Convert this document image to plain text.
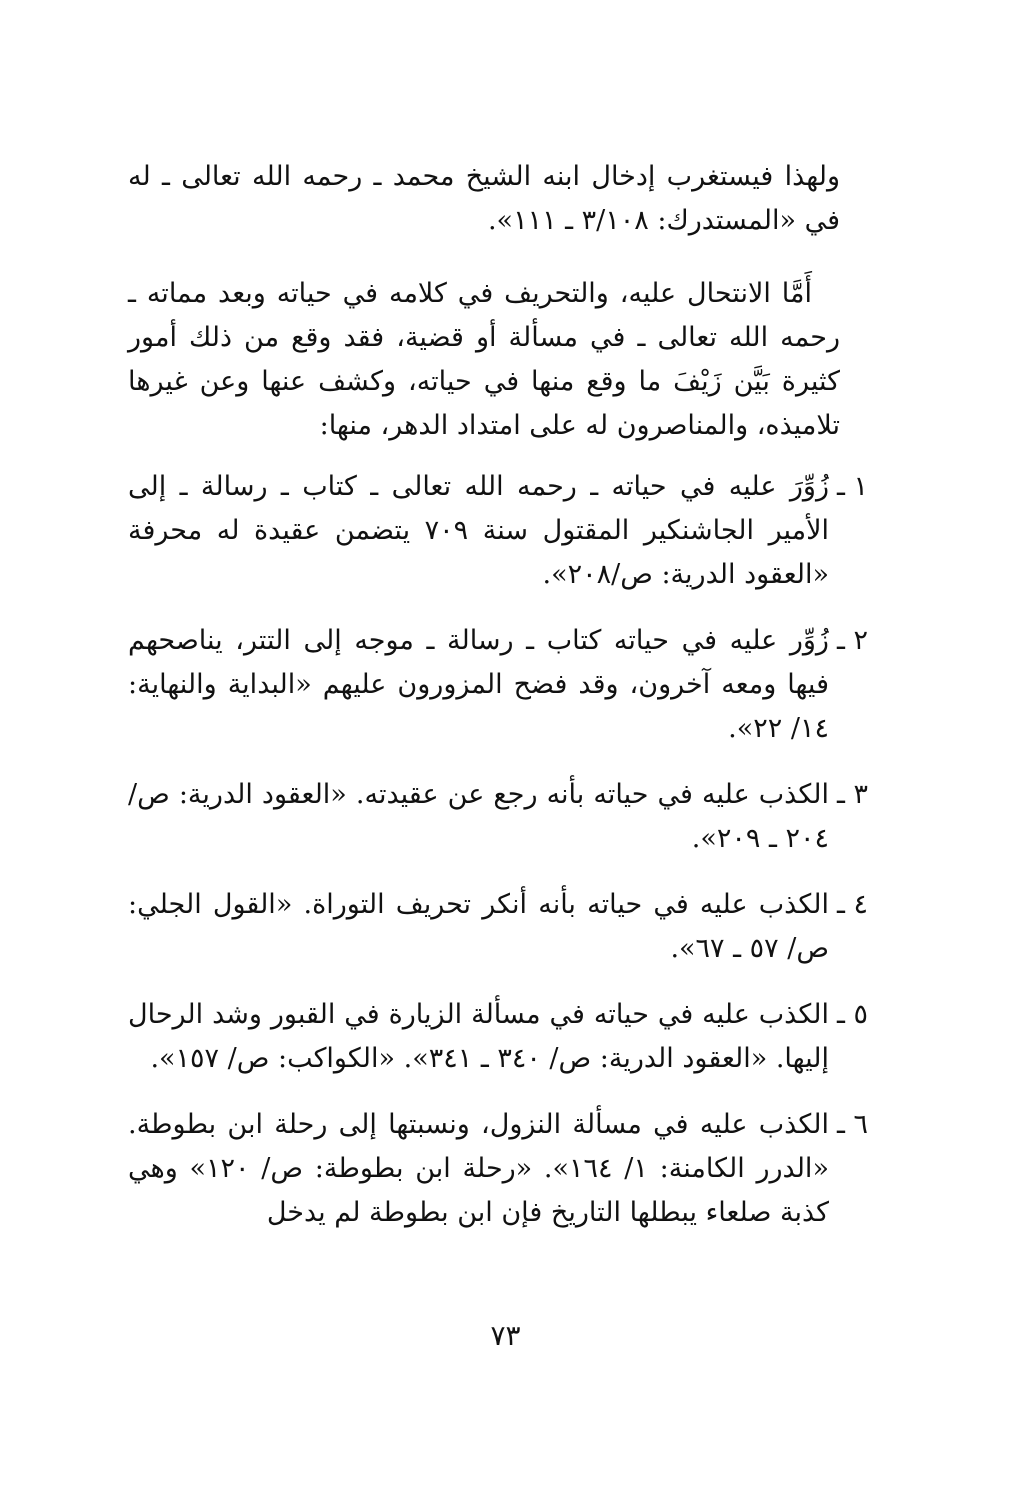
ولهذا فيستغرب إدخال ابنه الشيخ محمد ـ رحمه الله تعالى ـ له في «المستدرك: ٣/١٠٨ ـ ١١١».

أَمَّا الانتحال عليه، والتحريف في كلامه في حياته وبعد مماته ـ رحمه الله تعالى ـ في مسألة أو قضية، فقد وقع من ذلك أمور كثيرة بَيَّن زَيْفَ ما وقع منها في حياته، وكشف عنها وعن غيرها تلاميذه، والمناصرون له على امتداد الدهر، منها:

١ ـ
زُوِّرَ عليه في حياته ـ رحمه الله تعالى ـ كتاب ـ رسالة ـ إلى الأمير الجاشنكير المقتول سنة ٧٠٩ يتضمن عقيدة له محرفة «العقود الدرية: ص/٢٠٨».
٢ ـ
زُوِّر عليه في حياته كتاب ـ رسالة ـ موجه إلى التتر، يناصحهم فيها ومعه آخرون، وقد فضح المزورون عليهم «البداية والنهاية: ١٤/ ٢٢».
٣ ـ
الكذب عليه في حياته بأنه رجع عن عقيدته. «العقود الدرية: ص/ ٢٠٤ ـ ٢٠٩».
٤ ـ
الكذب عليه في حياته بأنه أنكر تحريف التوراة. «القول الجلي: ص/ ٥٧ ـ ٦٧».
٥ ـ
الكذب عليه في حياته في مسألة الزيارة في القبور وشد الرحال إليها. «العقود الدرية: ص/ ٣٤٠ ـ ٣٤١». «الكواكب: ص/ ١٥٧».
٦ ـ
الكذب عليه في مسألة النزول، ونسبتها إلى رحلة ابن بطوطة. «الدرر الكامنة: ١/ ١٦٤». «رحلة ابن بطوطة: ص/ ١٢٠» وهي كذبة صلعاء يبطلها التاريخ فإن ابن بطوطة لم يدخل
٧٣
